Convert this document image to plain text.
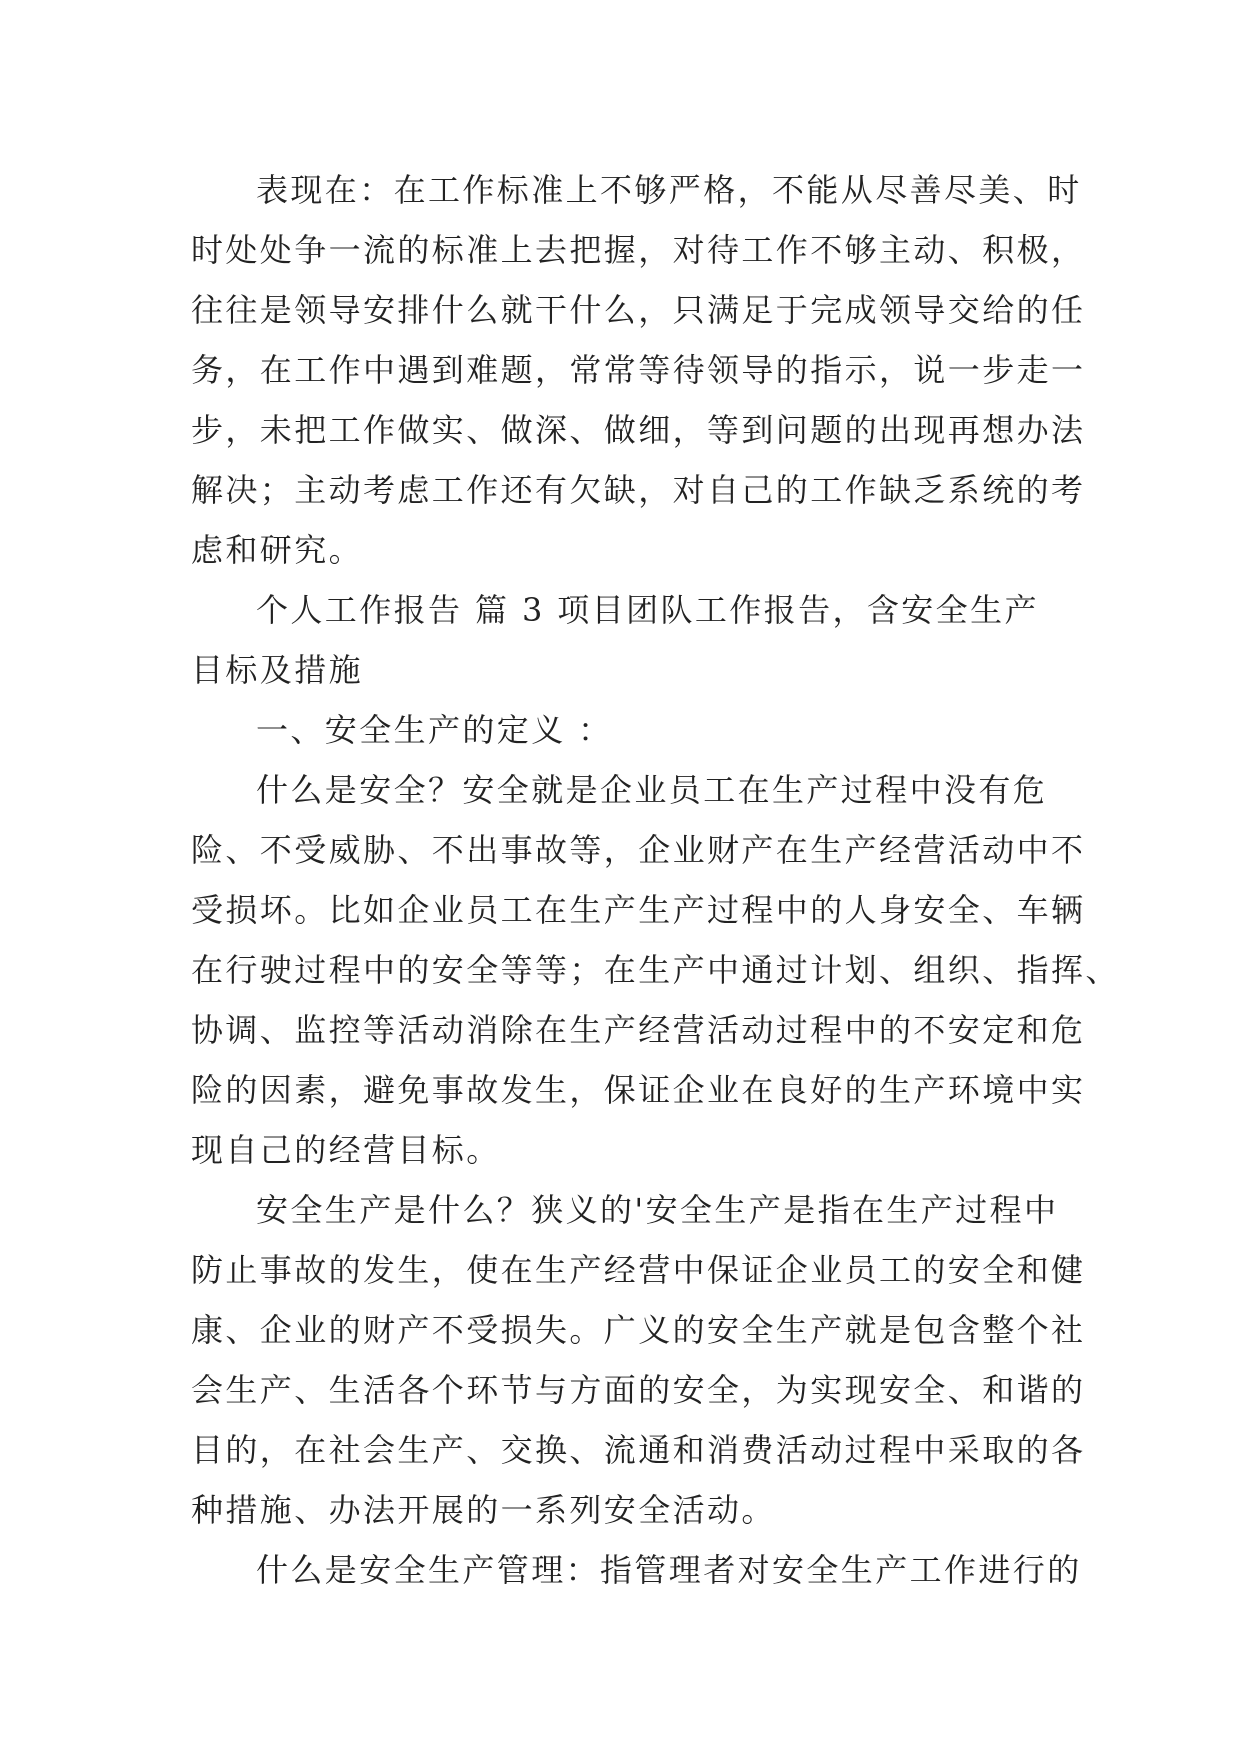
表现在：在工作标准上不够严格，不能从尽善尽美、时
时处处争一流的标准上去把握，对待工作不够主动、积极，
往往是领导安排什么就干什么，只满足于完成领导交给的任
务，在工作中遇到难题，常常等待领导的指示，说一步走一
步，未把工作做实、做深、做细，等到问题的出现再想办法
解决；主动考虑工作还有欠缺，对自己的工作缺乏系统的考
虑和研究。
个人工作报告 篇 3 项目团队工作报告，含安全生产
目标及措施
一、安全生产的定义 ：
什么是安全？安全就是企业员工在生产过程中没有危
险、不受威胁、不出事故等，企业财产在生产经营活动中不
受损坏。比如企业员工在生产生产过程中的人身安全、车辆
在行驶过程中的安全等等；在生产中通过计划、组织、指挥、
协调、监控等活动消除在生产经营活动过程中的不安定和危
险的因素，避免事故发生，保证企业在良好的生产环境中实
现自己的经营目标。
安全生产是什么？狭义的'安全生产是指在生产过程中
防止事故的发生，使在生产经营中保证企业员工的安全和健
康、企业的财产不受损失。广义的安全生产就是包含整个社
会生产、生活各个环节与方面的安全，为实现安全、和谐的
目的，在社会生产、交换、流通和消费活动过程中采取的各
种措施、办法开展的一系列安全活动。
什么是安全生产管理：指管理者对安全生产工作进行的
